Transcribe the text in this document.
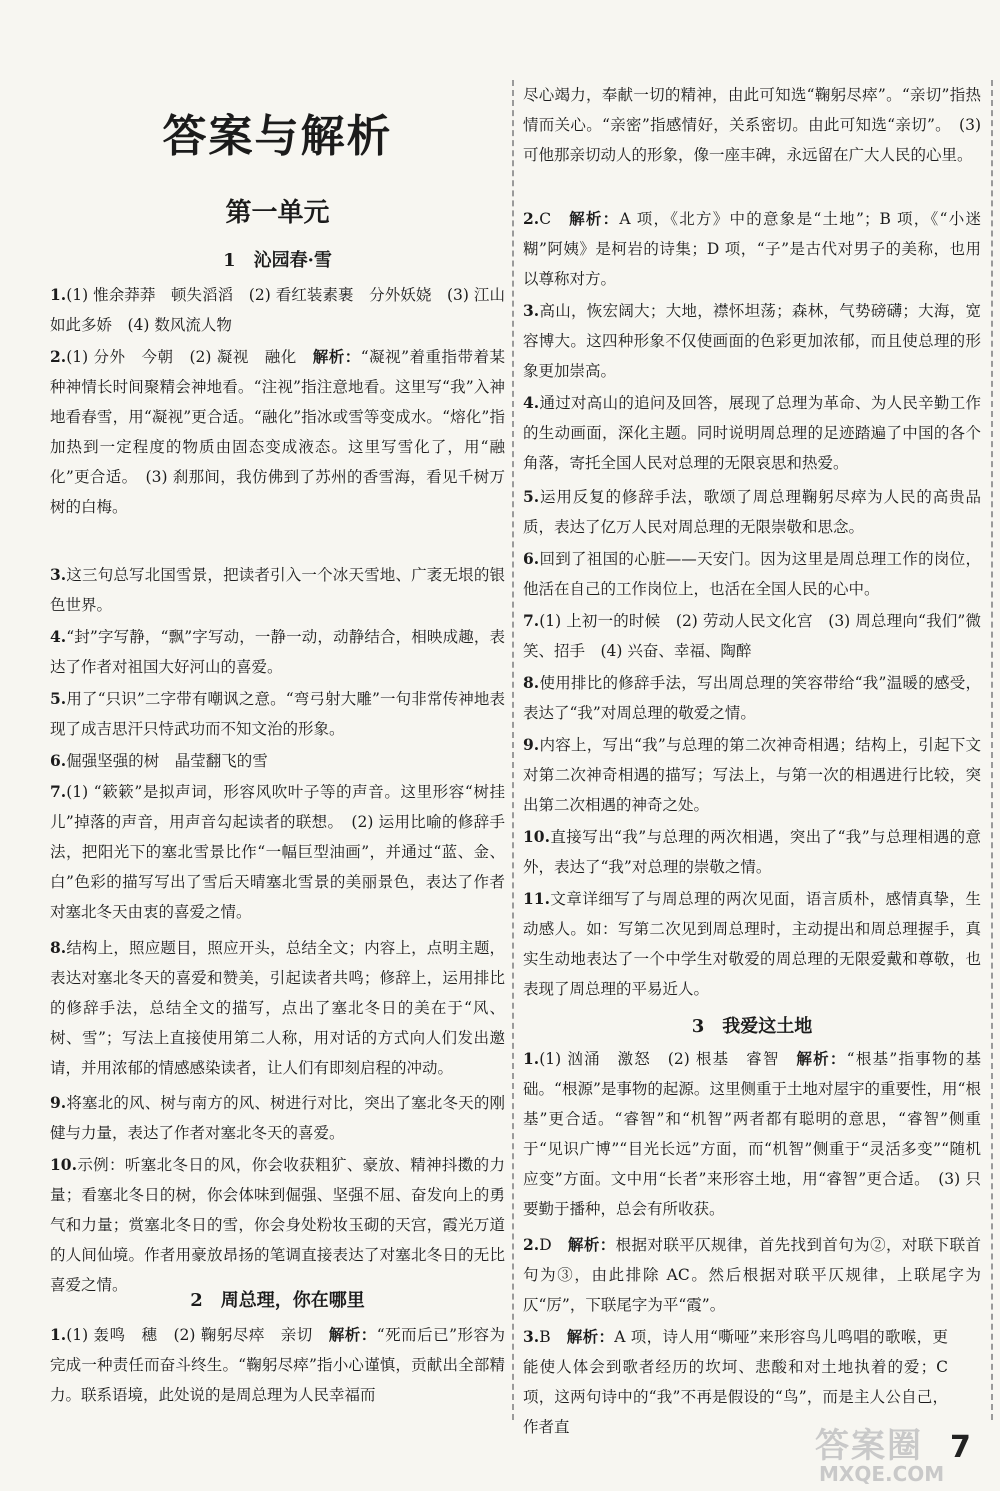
答案与解析
第一单元
1　沁园春·雪
1.(1) 惟余莽莽　顿失滔滔　(2) 看红装素裹　分外妖娆　(3) 江山如此多娇　(4) 数风流人物
2.(1) 分外　今朝　(2) 凝视　融化　解析：“凝视”着重指带着某种神情长时间聚精会神地看。“注视”指注意地看。这里写“我”入神地看春雪，用“凝视”更合适。“融化”指冰或雪等变成水。“熔化”指加热到一定程度的物质由固态变成液态。这里写雪化了，用“融化”更合适。　(3) 刹那间，我仿佛到了苏州的香雪海，看见千树万树的白梅。
3.这三句总写北国雪景，把读者引入一个冰天雪地、广袤无垠的银色世界。
4.“封”字写静，“飘”字写动，一静一动，动静结合，相映成趣，表达了作者对祖国大好河山的喜爱。
5.用了“只识”二字带有嘲讽之意。“弯弓射大雕”一句非常传神地表现了成吉思汗只恃武功而不知文治的形象。
6.倔强坚强的树　晶莹翻飞的雪
7.(1) “簌簌”是拟声词，形容风吹叶子等的声音。这里形容“树挂儿”掉落的声音，用声音勾起读者的联想。　(2) 运用比喻的修辞手法，把阳光下的塞北雪景比作“一幅巨型油画”，并通过“蓝、金、白”色彩的描写写出了雪后天晴塞北雪景的美丽景色，表达了作者对塞北冬天由衷的喜爱之情。
8.结构上，照应题目，照应开头，总结全文；内容上，点明主题，表达对塞北冬天的喜爱和赞美，引起读者共鸣；修辞上，运用排比的修辞手法，总结全文的描写，点出了塞北冬日的美在于“风、树、雪”；写法上直接使用第二人称，用对话的方式向人们发出邀请，并用浓郁的情感感染读者，让人们有即刻启程的冲动。
9.将塞北的风、树与南方的风、树进行对比，突出了塞北冬天的刚健与力量，表达了作者对塞北冬天的喜爱。
10.示例：听塞北冬日的风，你会收获粗犷、豪放、精神抖擞的力量；看塞北冬日的树，你会体味到倔强、坚强不屈、奋发向上的勇气和力量；赏塞北冬日的雪，你会身处粉妆玉砌的天宫，霞光万道的人间仙境。作者用豪放昂扬的笔调直接表达了对塞北冬日的无比喜爱之情。
2　周总理，你在哪里
1.(1) 轰鸣　穗　(2) 鞠躬尽瘁　亲切　解析：“死而后已”形容为完成一种责任而奋斗终生。“鞠躬尽瘁”指小心谨慎，贡献出全部精力。联系语境，此处说的是周总理为人民幸福而
尽心竭力，奉献一切的精神，由此可知选“鞠躬尽瘁”。“亲切”指热情而关心。“亲密”指感情好，关系密切。由此可知选“亲切”。　(3) 可他那亲切动人的形象，像一座丰碑，永远留在广大人民的心里。
2.C　解析：A 项，《北方》中的意象是“土地”；B 项，《“小迷糊”阿姨》是柯岩的诗集；D 项，“子”是古代对男子的美称，也用以尊称对方。
3.高山，恢宏阔大；大地，襟怀坦荡；森林，气势磅礴；大海，宽容博大。这四种形象不仅使画面的色彩更加浓郁，而且使总理的形象更加崇高。
4.通过对高山的追问及回答，展现了总理为革命、为人民辛勤工作的生动画面，深化主题。同时说明周总理的足迹踏遍了中国的各个角落，寄托全国人民对总理的无限哀思和热爱。
5.运用反复的修辞手法，歌颂了周总理鞠躬尽瘁为人民的高贵品质，表达了亿万人民对周总理的无限崇敬和思念。
6.回到了祖国的心脏——天安门。因为这里是周总理工作的岗位，他活在自己的工作岗位上，也活在全国人民的心中。
7.(1) 上初一的时候　(2) 劳动人民文化宫　(3) 周总理向“我们”微笑、招手　(4) 兴奋、幸福、陶醉
8.使用排比的修辞手法，写出周总理的笑容带给“我”温暖的感受，表达了“我”对周总理的敬爱之情。
9.内容上，写出“我”与总理的第二次神奇相遇；结构上，引起下文对第二次神奇相遇的描写；写法上，与第一次的相遇进行比较，突出第二次相遇的神奇之处。
10.直接写出“我”与总理的两次相遇，突出了“我”与总理相遇的意外，表达了“我”对总理的崇敬之情。
11.文章详细写了与周总理的两次见面，语言质朴，感情真挚，生动感人。如：写第二次见到周总理时，主动提出和周总理握手，真实生动地表达了一个中学生对敬爱的周总理的无限爱戴和尊敬，也表现了周总理的平易近人。
3　我爱这土地
1.(1) 汹涌　激怒　(2) 根基　睿智　解析：“根基”指事物的基础。“根源”是事物的起源。这里侧重于土地对屋宇的重要性，用“根基”更合适。“睿智”和“机智”两者都有聪明的意思，“睿智”侧重于“见识广博”“目光长远”方面，而“机智”侧重于“灵活多变”“随机应变”方面。文中用“长者”来形容土地，用“睿智”更合适。　(3) 只要勤于播种，总会有所收获。
2.D　解析：根据对联平仄规律，首先找到首句为②，对联下联首句为③，由此排除 AC。然后根据对联平仄规律，上联尾字为仄“厉”，下联尾字为平“霞”。
3.B　解析：A 项，诗人用“嘶哑”来形容鸟儿鸣唱的歌喉，更能使人体会到歌者经历的坎坷、悲酸和对土地执着的爱；C 项，这两句诗中的“我”不再是假设的“鸟”，而是主人公自己，作者直	答案圈
MXQE.COM
7
